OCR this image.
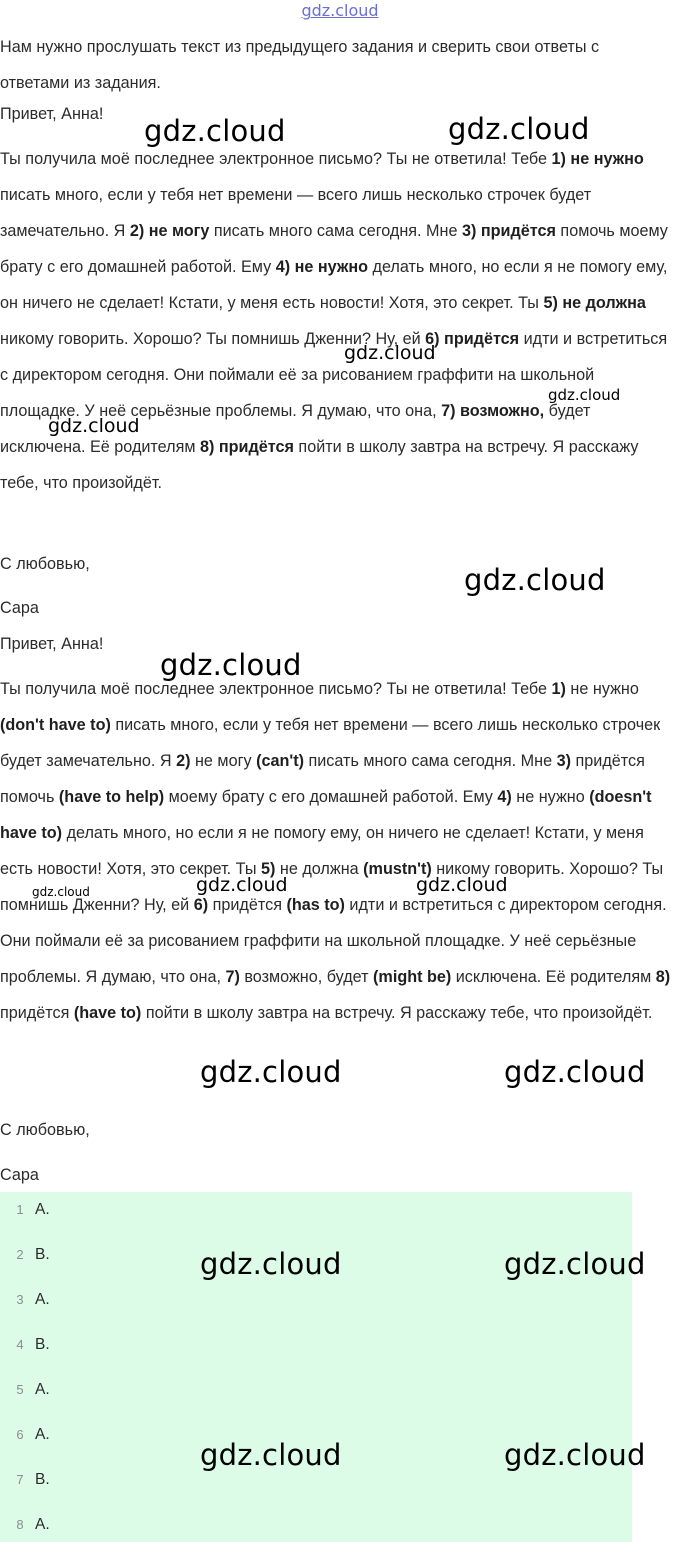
gdz.cloud

Нам нужно прослушать текст из предыдущего задания и сверить свои ответы с ответами из задания.

Привет, Анна!

Ты получила моё последнее электронное письмо? Ты не ответила! Тебе 1) не нужно писать много, если у тебя нет времени — всего лишь несколько строчек будет замечательно. Я 2) не могу писать много сама сегодня. Мне 3) придётся помочь моему брату с его домашней работой. Ему 4) не нужно делать много, но если я не помогу ему, он ничего не сделает! Кстати, у меня есть новости! Хотя, это секрет. Ты 5) не должна никому говорить. Хорошо? Ты помнишь Дженни? Ну, ей 6) придётся идти и встретиться с директором сегодня. Они поймали её за рисованием граффити на школьной площадке. У неё серьёзные проблемы. Я думаю, что она, 7) возможно, будет исключена. Её родителям 8) придётся пойти в школу завтра на встречу. Я расскажу тебе, что произойдёт.

С любовью,

Сара

Привет, Анна!

Ты получила моё последнее электронное письмо? Ты не ответила! Тебе 1) не нужно (don't have to) писать много, если у тебя нет времени — всего лишь несколько строчек будет замечательно. Я 2) не могу (can't) писать много сама сегодня. Мне 3) придётся помочь (have to help) моему брату с его домашней работой. Ему 4) не нужно (doesn't have to) делать много, но если я не помогу ему, он ничего не сделает! Кстати, у меня есть новости! Хотя, это секрет. Ты 5) не должна (mustn't) никому говорить. Хорошо? Ты помнишь Дженни? Ну, ей 6) придётся (has to) идти и встретиться с директором сегодня. Они поймали её за рисованием граффити на школьной площадке. У неё серьёзные проблемы. Я думаю, что она, 7) возможно, будет (might be) исключена. Её родителям 8) придётся (have to) пойти в школу завтра на встречу. Я расскажу тебе, что произойдёт.

С любовью,

Сара

1 A.
2 B.
3 A.
4 B.
5 A.
6 A.
7 B.
8 A.
gdz.cloud	gdz.cloud
gdz.cloud
gdz.cloud
gdz.cloud
gdz.cloud
gdz.cloud
gdz.cloud	gdz.cloud
gdz.cloud
gdz.cloud	gdz.cloud
gdz.cloud	gdz.cloud
gdz.cloud	gdz.cloud
